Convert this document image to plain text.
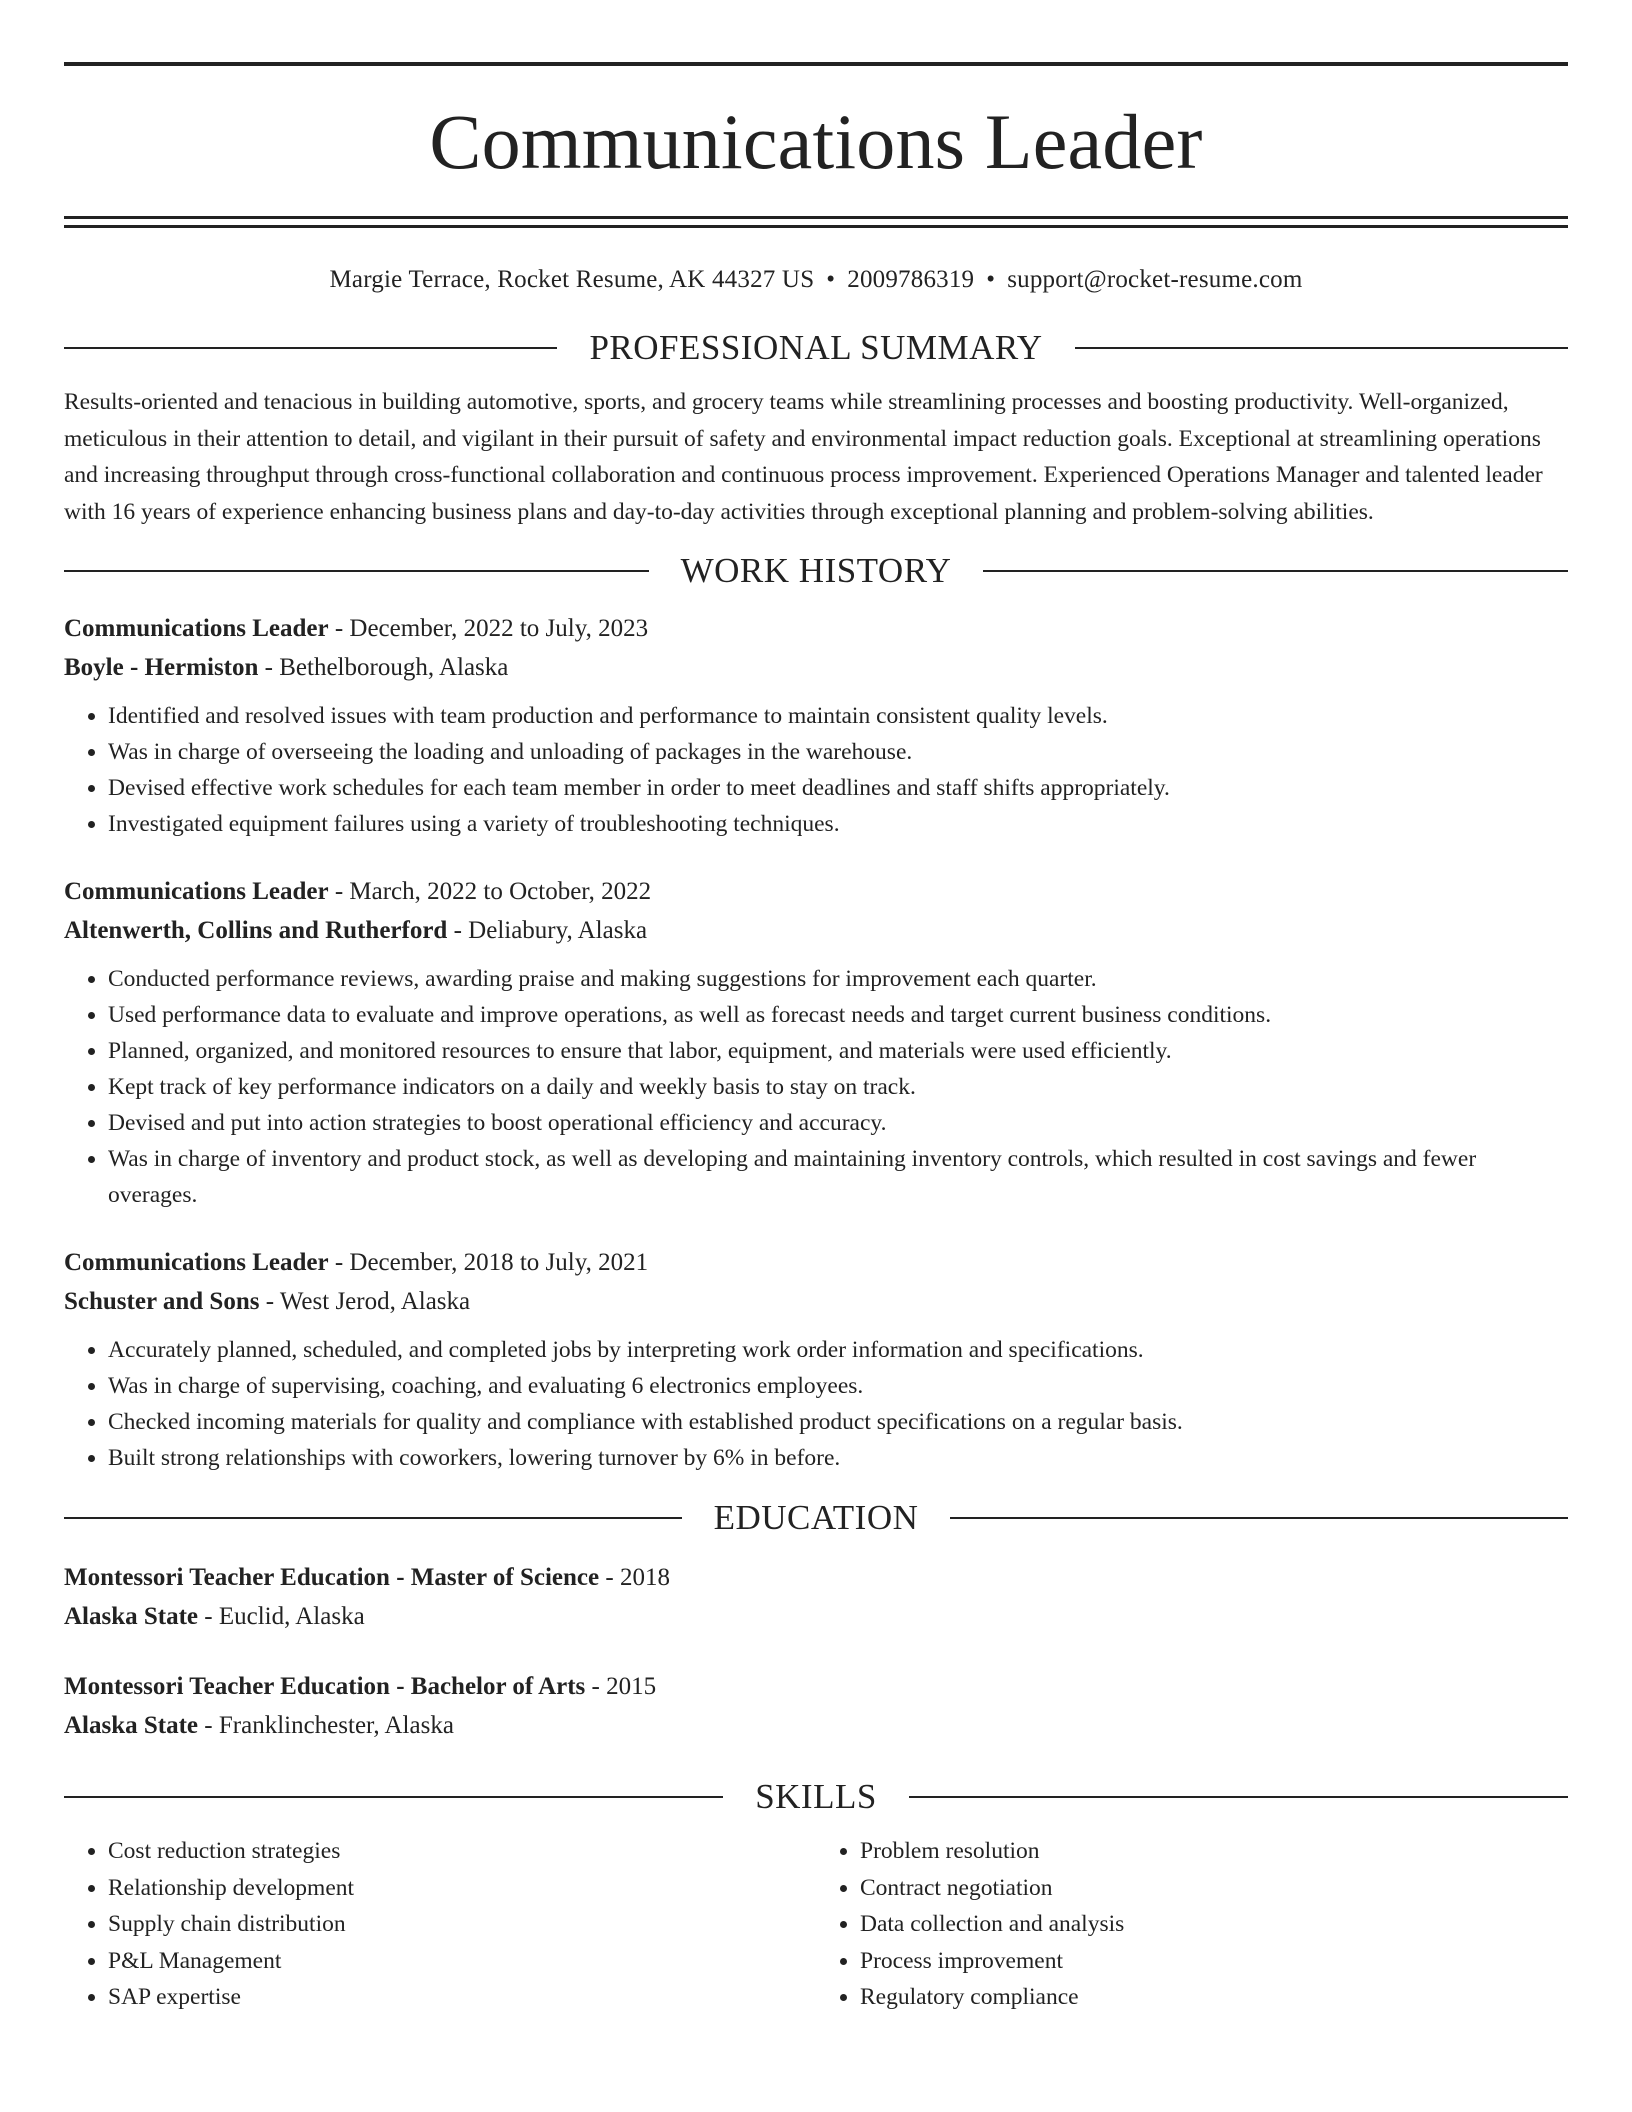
Communications Leader
Margie Terrace, Rocket Resume, AK 44327 US • 2009786319 • support@rocket-resume.com
PROFESSIONAL SUMMARY

Results-oriented and tenacious in building automotive, sports, and grocery teams while streamlining processes and boosting productivity. Well-organized, meticulous in their attention to detail, and vigilant in their pursuit of safety and environmental impact reduction goals. Exceptional at streamlining operations and increasing throughput through cross-functional collaboration and continuous process improvement. Experienced Operations Manager and talented leader with 16 years of experience enhancing business plans and day-to-day activities through exceptional planning and problem-solving abilities.

WORK HISTORY
Communications Leader - December, 2022 to July, 2023
Boyle - Hermiston - Bethelborough, Alaska
• Identified and resolved issues with team production and performance to maintain consistent quality levels.
• Was in charge of overseeing the loading and unloading of packages in the warehouse.
• Devised effective work schedules for each team member in order to meet deadlines and staff shifts appropriately.
• Investigated equipment failures using a variety of troubleshooting techniques.
Communications Leader - March, 2022 to October, 2022
Altenwerth, Collins and Rutherford - Deliabury, Alaska
• Conducted performance reviews, awarding praise and making suggestions for improvement each quarter.
• Used performance data to evaluate and improve operations, as well as forecast needs and target current business conditions.
• Planned, organized, and monitored resources to ensure that labor, equipment, and materials were used efficiently.
• Kept track of key performance indicators on a daily and weekly basis to stay on track.
• Devised and put into action strategies to boost operational efficiency and accuracy.
• Was in charge of inventory and product stock, as well as developing and maintaining inventory controls, which resulted in cost savings and fewer overages.
Communications Leader - December, 2018 to July, 2021
Schuster and Sons - West Jerod, Alaska
• Accurately planned, scheduled, and completed jobs by interpreting work order information and specifications.
• Was in charge of supervising, coaching, and evaluating 6 electronics employees.
• Checked incoming materials for quality and compliance with established product specifications on a regular basis.
• Built strong relationships with coworkers, lowering turnover by 6% in before.
EDUCATION
Montessori Teacher Education - Master of Science - 2018
Alaska State - Euclid, Alaska
Montessori Teacher Education - Bachelor of Arts - 2015
Alaska State - Franklinchester, Alaska
SKILLS
• Cost reduction strategies
• Relationship development
• Supply chain distribution
• P&L Management
• SAP expertise
• Problem resolution
• Contract negotiation
• Data collection and analysis
• Process improvement
• Regulatory compliance
